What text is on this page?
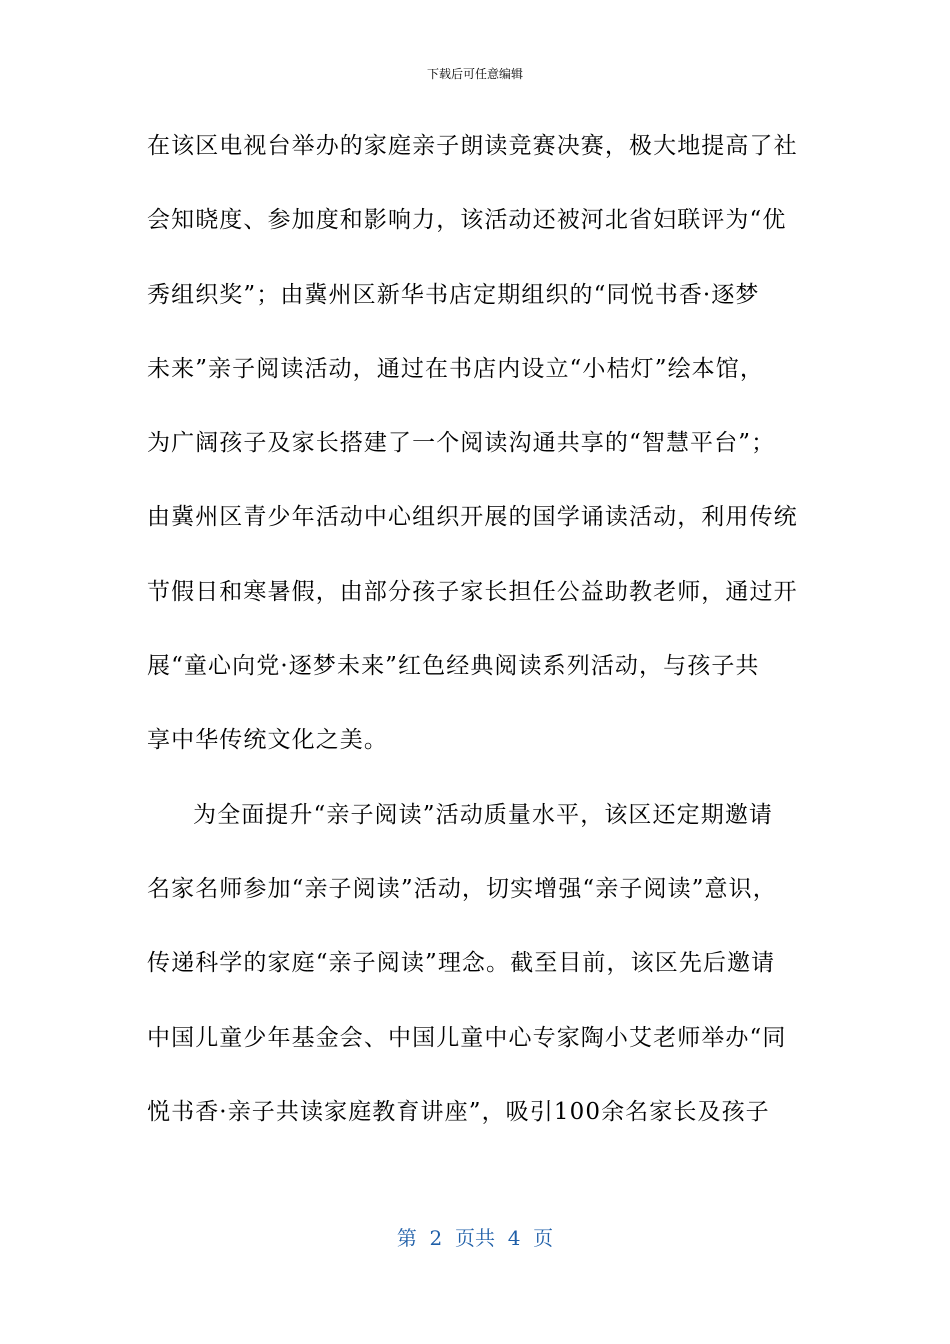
下载后可任意编辑
在该区电视台举办的家庭亲子朗读竞赛决赛，极大地提高了社
会知晓度、参加度和影响力，该活动还被河北省妇联评为“优
秀组织奖”；由冀州区新华书店定期组织的“同悦书香·逐梦
未来”亲子阅读活动，通过在书店内设立“小桔灯”绘本馆，
为广阔孩子及家长搭建了一个阅读沟通共享的“智慧平台”；
由冀州区青少年活动中心组织开展的国学诵读活动，利用传统
节假日和寒暑假，由部分孩子家长担任公益助教老师，通过开
展“童心向党·逐梦未来”红色经典阅读系列活动，与孩子共
享中华传统文化之美。
为全面提升“亲子阅读”活动质量水平，该区还定期邀请
名家名师参加“亲子阅读”活动，切实增强“亲子阅读”意识，
传递科学的家庭“亲子阅读”理念。截至目前，该区先后邀请
中国儿童少年基金会、中国儿童中心专家陶小艾老师举办“同
悦书香·亲子共读家庭教育讲座”，吸引100余名家长及孩子
第  2  页共  4  页
